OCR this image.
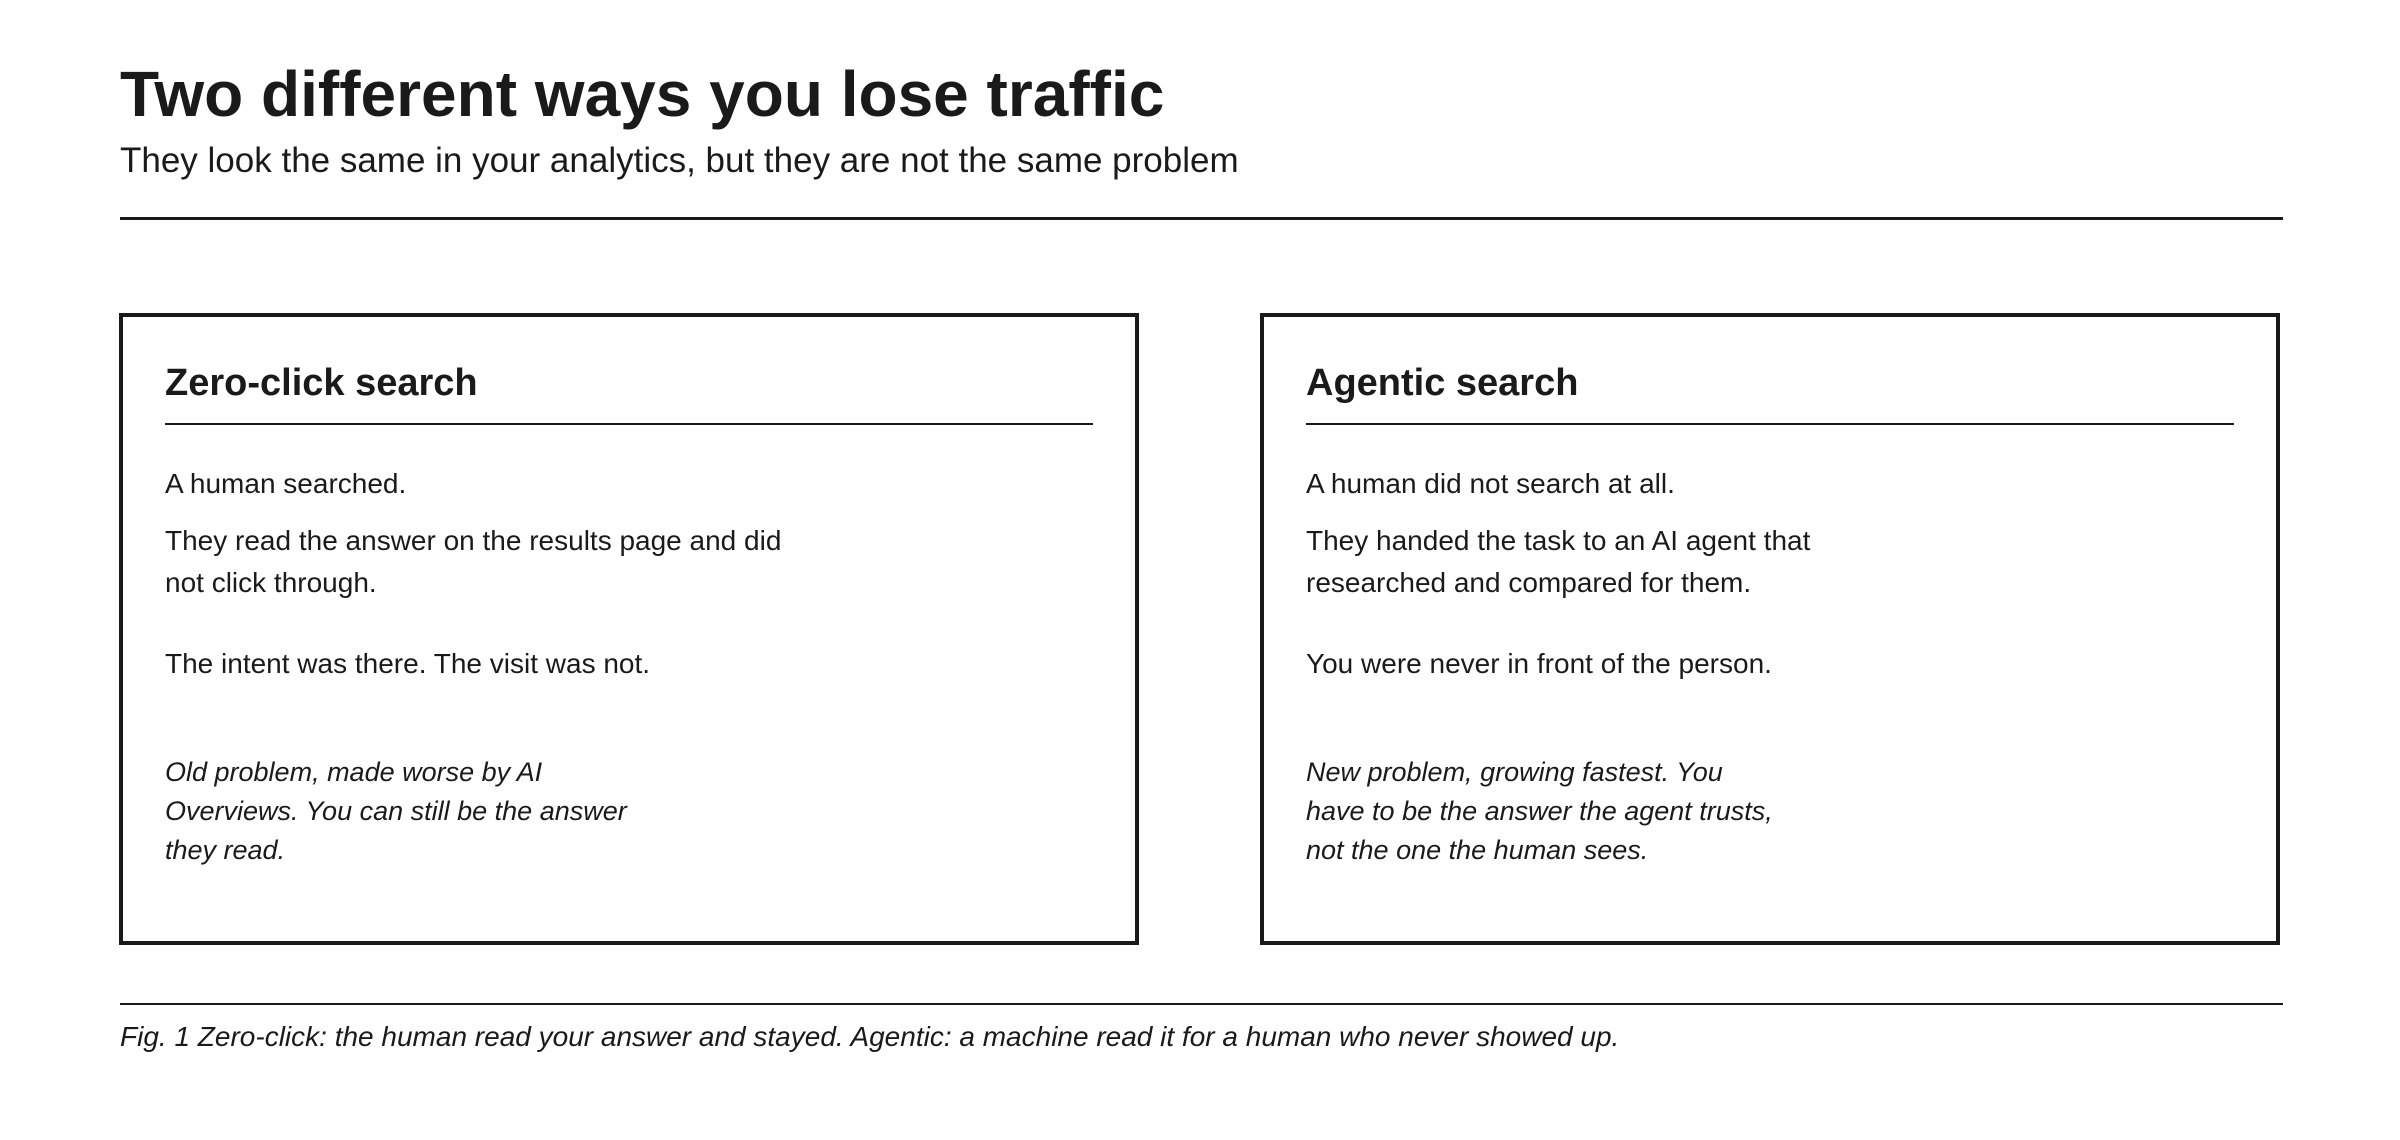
Two different ways you lose traffic

They look the same in your analytics, but they are not the same problem

Zero-click search

A human searched.

They read the answer on the results page and did not click through.

The intent was there. The visit was not.

Old problem, made worse by AI Overviews. You can still be the answer they read.

Agentic search

A human did not search at all.

They handed the task to an AI agent that researched and compared for them.

You were never in front of the person.

New problem, growing fastest. You have to be the answer the agent trusts, not the one the human sees.

Fig. 1 Zero-click: the human read your answer and stayed. Agentic: a machine read it for a human who never showed up.
